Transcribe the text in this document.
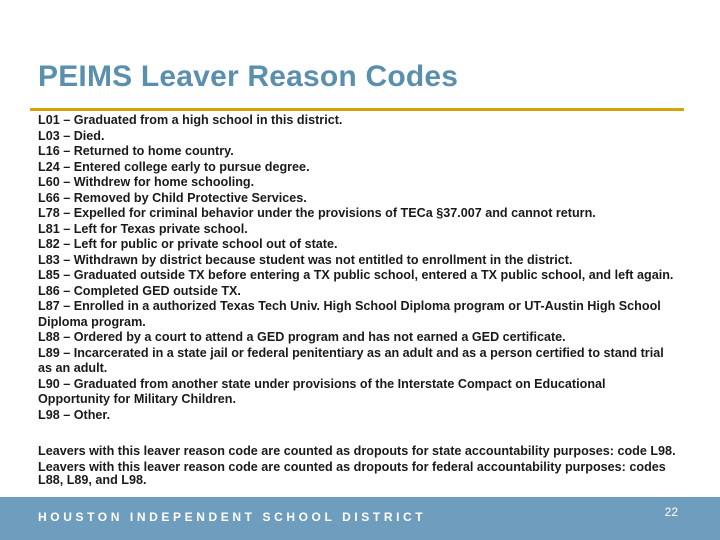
PEIMS Leaver Reason Codes
L01 – Graduated from a high school in this district.
L03 – Died.
L16 – Returned to home country.
L24 – Entered college early to pursue degree.
L60 – Withdrew for home schooling.
L66 – Removed by Child Protective Services.
L78 – Expelled for criminal behavior under the provisions of TECa §37.007 and cannot return.
L81 – Left for Texas private school.
L82 – Left for public or private school out of state.
L83 – Withdrawn by district because student was not entitled to enrollment in the district.
L85 – Graduated outside TX before entering a TX public school, entered a TX public school, and left again.
L86 – Completed GED outside TX.
L87 – Enrolled in a authorized Texas Tech Univ. High School Diploma program or UT-Austin High School Diploma program.
L88 – Ordered by a court to attend a GED program and has not earned a GED certificate.
L89 – Incarcerated in a state jail or federal penitentiary as an adult and as a person certified to stand trial as an adult.
L90 – Graduated from another state under provisions of the Interstate Compact on Educational Opportunity for Military Children.
L98 – Other.

Leavers with this leaver reason code are counted as dropouts for state accountability purposes: code L98.

Leavers with this leaver reason code are counted as dropouts for federal accountability purposes: codes L88, L89, and L98.

HOUSTON INDEPENDENT SCHOOL DISTRICT	22
